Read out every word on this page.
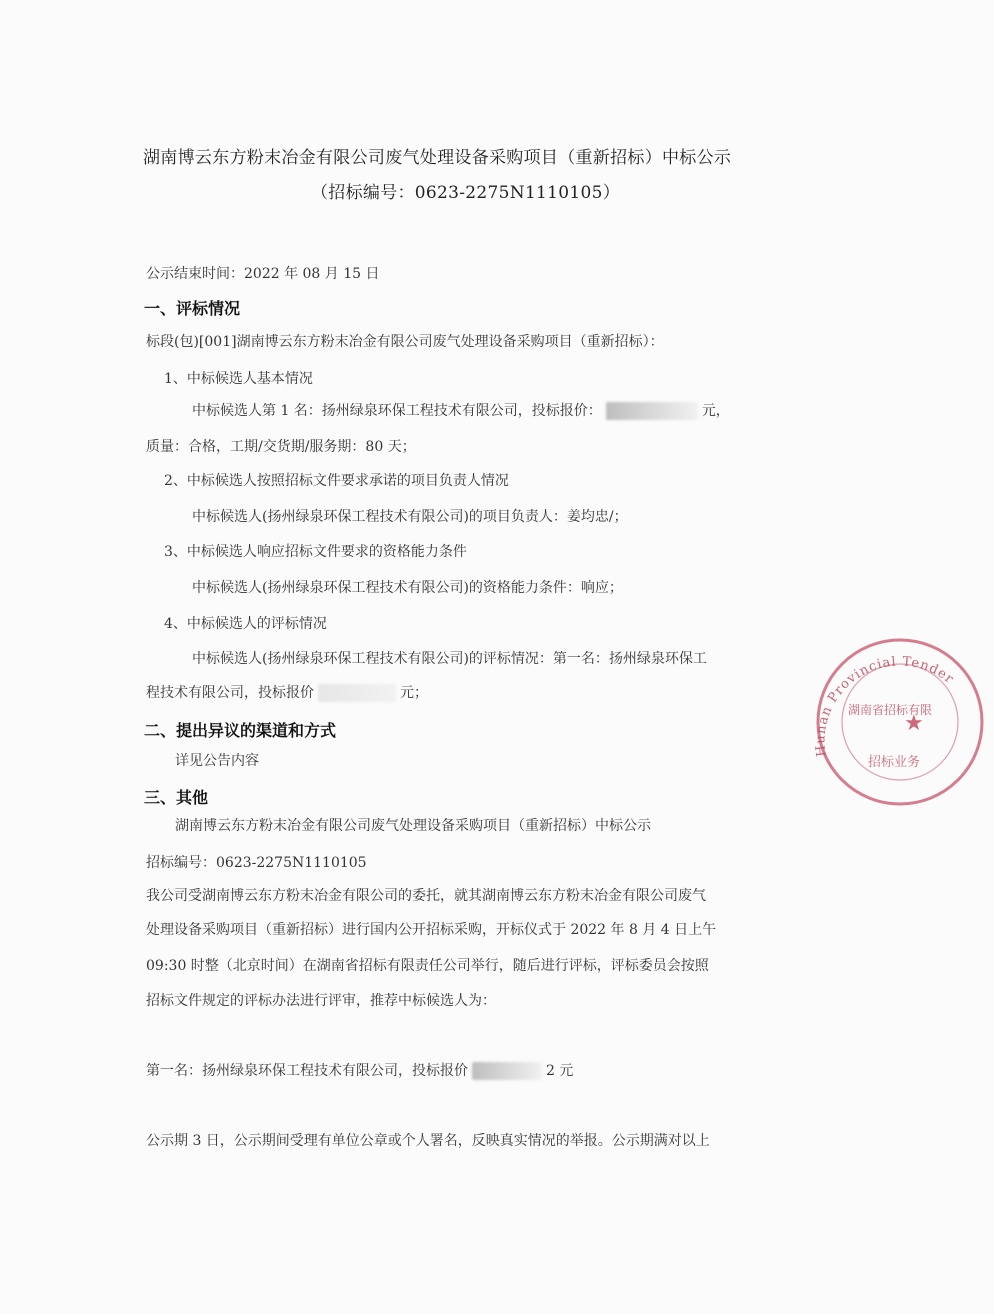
湖南博云东方粉末冶金有限公司废气处理设备采购项目（重新招标）中标公示
（招标编号：0623-2275N1110105）
公示结束时间：2022 年 08 月 15 日
一、评标情况
标段(包)[001]湖南博云东方粉末冶金有限公司废气处理设备采购项目（重新招标）：
1、中标候选人基本情况
中标候选人第 1 名：扬州绿泉环保工程技术有限公司，投标报价：	元，
质量：合格，工期/交货期/服务期：80 天；
2、中标候选人按照招标文件要求承诺的项目负责人情况
中标候选人(扬州绿泉环保工程技术有限公司)的项目负责人：姜均忠/；
3、中标候选人响应招标文件要求的资格能力条件
中标候选人(扬州绿泉环保工程技术有限公司)的资格能力条件：响应；
4、中标候选人的评标情况
中标候选人(扬州绿泉环保工程技术有限公司)的评标情况：第一名：扬州绿泉环保工
程技术有限公司，投标报价	元；
二、提出异议的渠道和方式
详见公告内容
三、其他
湖南博云东方粉末冶金有限公司废气处理设备采购项目（重新招标）中标公示
招标编号：0623-2275N1110105
我公司受湖南博云东方粉末冶金有限公司的委托，就其湖南博云东方粉末冶金有限公司废气
处理设备采购项目（重新招标）进行国内公开招标采购，开标仪式于 2022 年 8 月 4 日上午
09:30 时整（北京时间）在湖南省招标有限责任公司举行，随后进行评标，评标委员会按照
招标文件规定的评标办法进行评审，推荐中标候选人为：
第一名：扬州绿泉环保工程技术有限公司，投标报价	2 元
公示期 3 日，公示期间受理有单位公章或个人署名，反映真实情况的举报。公示期满对以上
Hunan Provincial Tender
湖南省招标有限
★
招标业务
